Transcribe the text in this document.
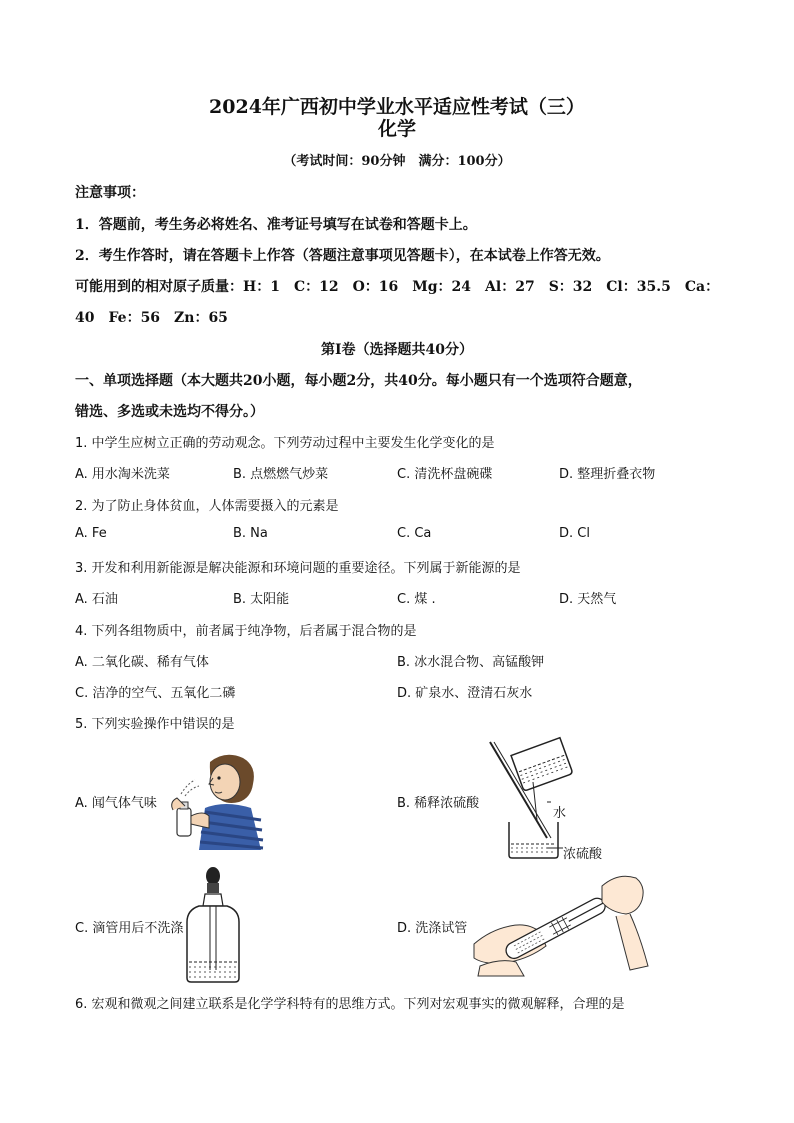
2024年广西初中学业水平适应性考试（三）
化学
（考试时间：90分钟　满分：100分）
注意事项：
1．答题前，考生务必将姓名、准考证号填写在试卷和答题卡上。
2．考生作答时，请在答题卡上作答（答题注意事项见答题卡），在本试卷上作答无效。
可能用到的相对原子质量：H：1　C：12　O：16　Mg：24　Al：27　S：32　Cl：35.5　Ca：
40　Fe：56　Zn：65
第Ⅰ卷（选择题共40分）
一、单项选择题（本大题共20小题，每小题2分，共40分。每小题只有一个选项符合题意，
错选、多选或未选均不得分。）
1. 中学生应树立正确的劳动观念。下列劳动过程中主要发生化学变化的是
A. 用水淘米洗菜	B. 点燃燃气炒菜	C. 清洗杯盘碗碟	D. 整理折叠衣物
2. 为了防止身体贫血，人体需要摄入的元素是
A. Fe	B. Na	C. Ca	D. Cl
3. 开发和利用新能源是解决能源和环境问题的重要途径。下列属于新能源的是
A. 石油	B. 太阳能	C. 煤 .	D. 天然气
4. 下列各组物质中，前者属于纯净物，后者属于混合物的是
A. 二氧化碳、稀有气体	B. 冰水混合物、高锰酸钾
C. 洁净的空气、五氧化二磷	D. 矿泉水、澄清石灰水
5. 下列实验操作中错误的是
A. 闻气体气味	B. 稀释浓硫酸
C. 滴管用后不洗涤	D. 洗涤试管
水
浓硫酸
6. 宏观和微观之间建立联系是化学学科特有的思维方式。下列对宏观事实的微观解释，合理的是
